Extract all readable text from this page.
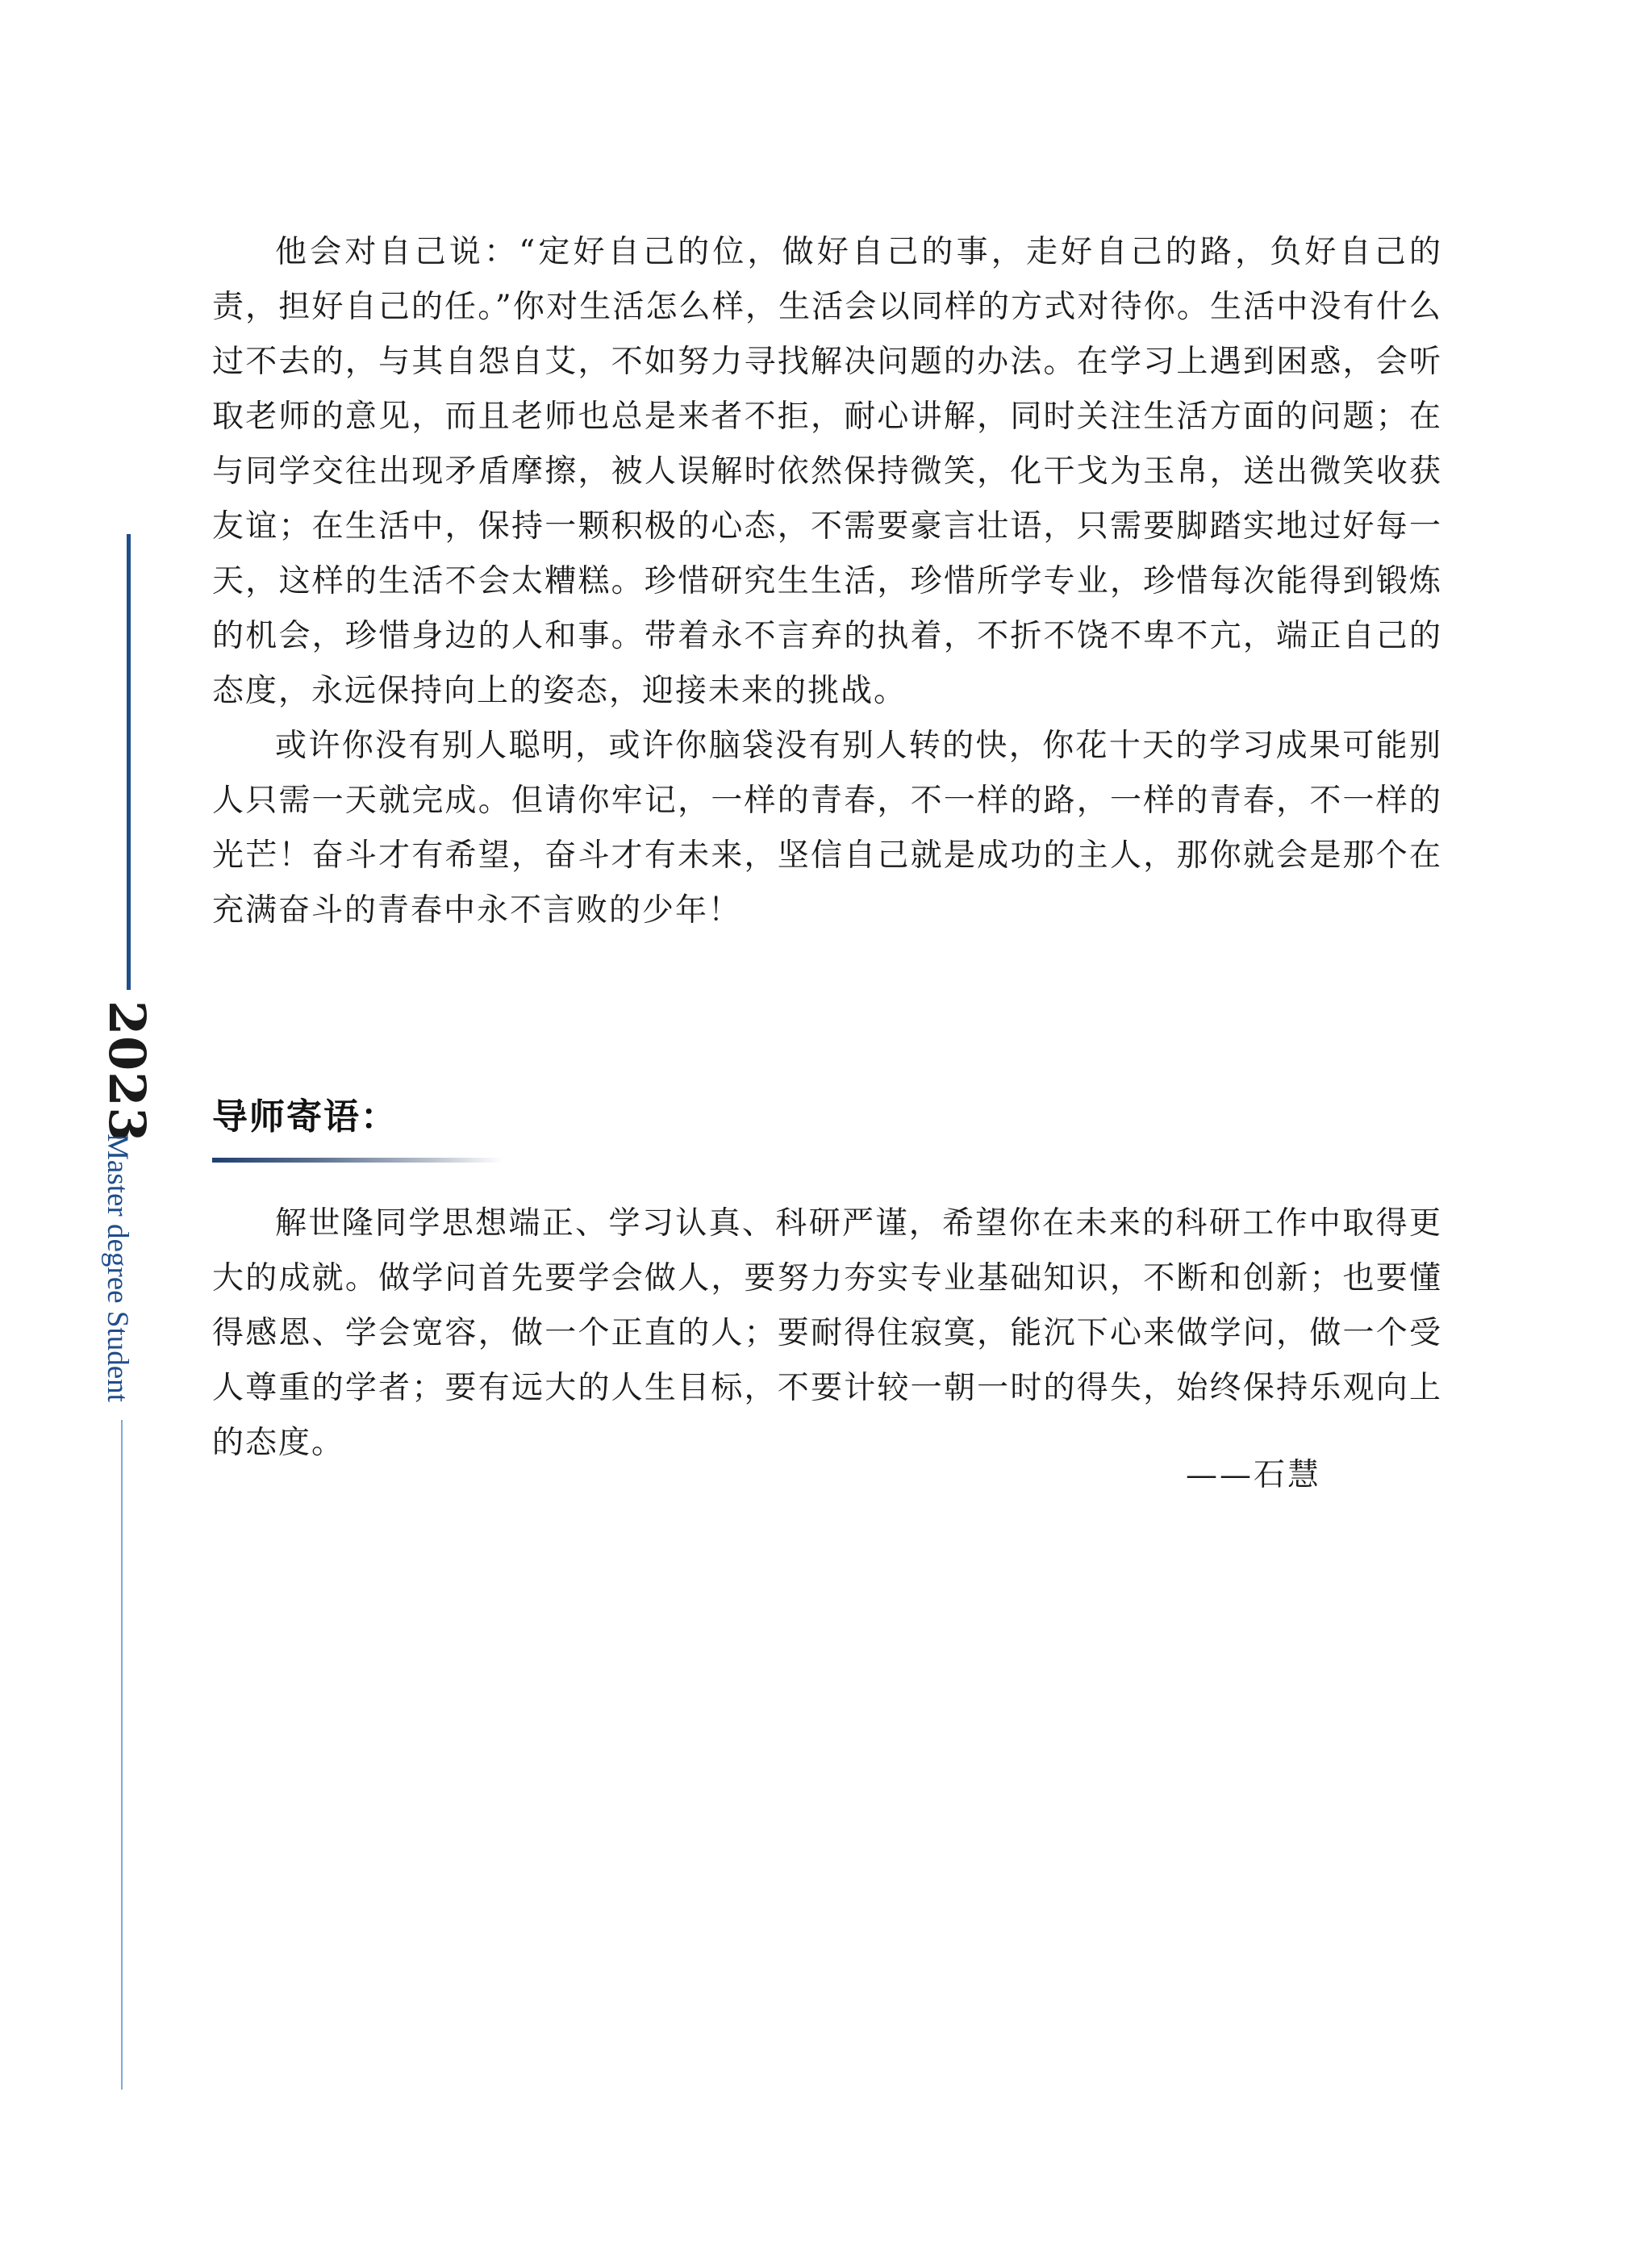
2023
Master degree Student

他会对自己说：“定好自己的位，做好自己的事，走好自己的路，负好自己的责，担好自己的任。”你对生活怎么样，生活会以同样的方式对待你。生活中没有什么过不去的，与其自怨自艾，不如努力寻找解决问题的办法。在学习上遇到困惑，会听取老师的意见，而且老师也总是来者不拒，耐心讲解，同时关注生活方面的问题；在与同学交往出现矛盾摩擦，被人误解时依然保持微笑，化干戈为玉帛，送出微笑收获友谊；在生活中，保持一颗积极的心态，不需要豪言壮语，只需要脚踏实地过好每一天，这样的生活不会太糟糕。珍惜研究生生活，珍惜所学专业，珍惜每次能得到锻炼的机会，珍惜身边的人和事。带着永不言弃的执着，不折不饶不卑不亢，端正自己的态度，永远保持向上的姿态，迎接未来的挑战。

或许你没有别人聪明，或许你脑袋没有别人转的快，你花十天的学习成果可能别人只需一天就完成。但请你牢记，一样的青春，不一样的路，一样的青春，不一样的光芒！奋斗才有希望，奋斗才有未来，坚信自己就是成功的主人，那你就会是那个在充满奋斗的青春中永不言败的少年！

导师寄语：

解世隆同学思想端正、学习认真、科研严谨，希望你在未来的科研工作中取得更大的成就。做学问首先要学会做人，要努力夯实专业基础知识，不断和创新；也要懂得感恩、学会宽容，做一个正直的人；要耐得住寂寞，能沉下心来做学问，做一个受人尊重的学者；要有远大的人生目标，不要计较一朝一时的得失，始终保持乐观向上的态度。

——石慧
